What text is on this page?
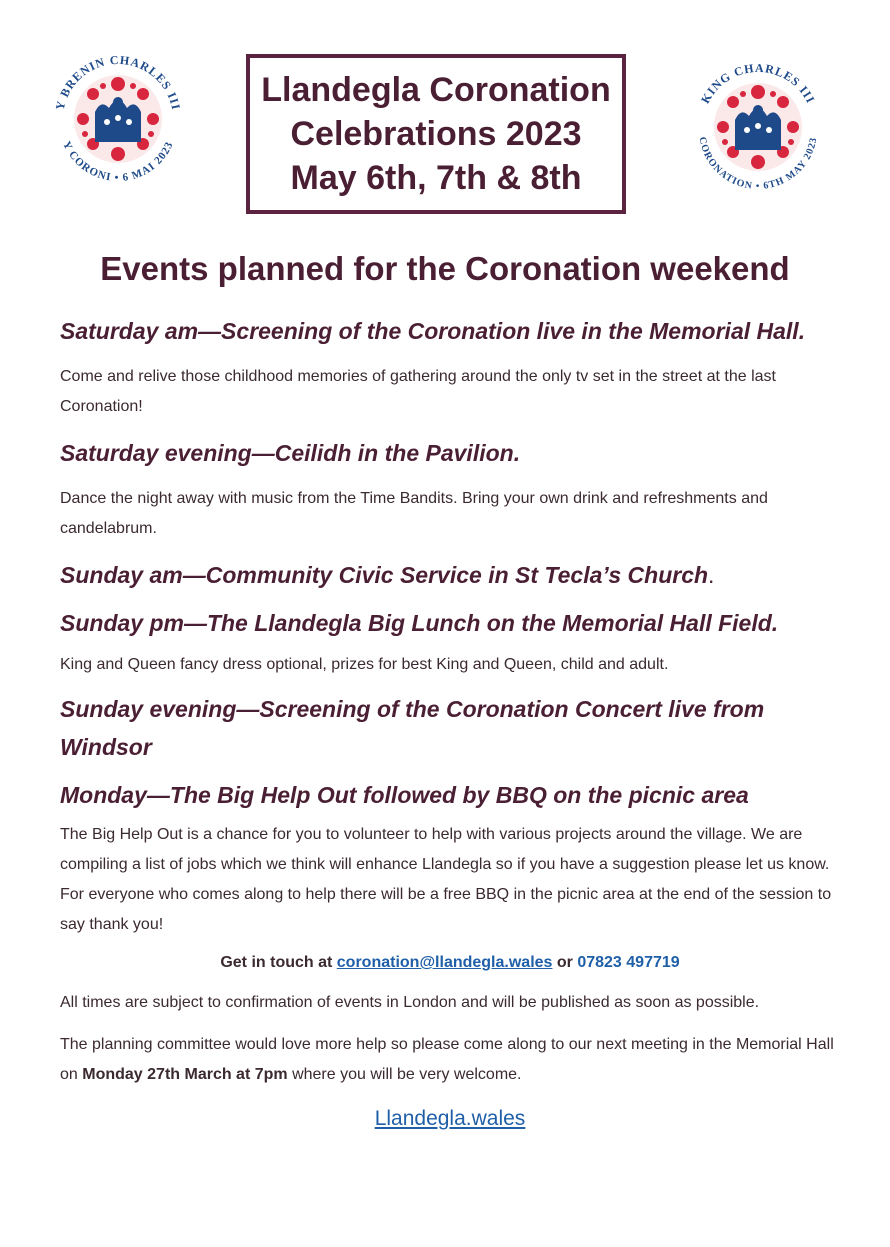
Y BRENIN CHARLES III
Y CORONI • 6 MAI 2023
Llandegla Coronation
Celebrations 2023
May 6th, 7th & 8th
KING CHARLES III
CORONATION • 6TH MAY 2023
Events planned for the Coronation weekend

Saturday am—Screening of the Coronation live in the Memorial Hall.

Come and relive those childhood memories of gathering around the only tv set in the street at the last Coronation!

Saturday evening—Ceilidh in the Pavilion.

Dance the night away with music from the Time Bandits. Bring your own drink and refreshments and candelabrum.

Sunday am—Community Civic Service in St Tecla’s Church.

Sunday pm—The Llandegla Big Lunch on the Memorial Hall Field.

King and Queen fancy dress optional, prizes for best King and Queen, child and adult.

Sunday evening—Screening of the Coronation Concert live from Windsor

Monday—The Big Help Out followed by BBQ on the picnic area

The Big Help Out is a chance for you to volunteer to help with various projects around the village. We are compiling a list of jobs which we think will enhance Llandegla so if you have a suggestion please let us know. For everyone who comes along to help there will be a free BBQ in the picnic area at the end of the session to say thank you!

Get in touch at coronation@llandegla.wales or 07823 497719

All times are subject to confirmation of events in London and will be published as soon as possible.

The planning committee would love more help so please come along to our next meeting in the Memorial Hall on Monday 27th March at 7pm where you will be very welcome.

Llandegla.wales
